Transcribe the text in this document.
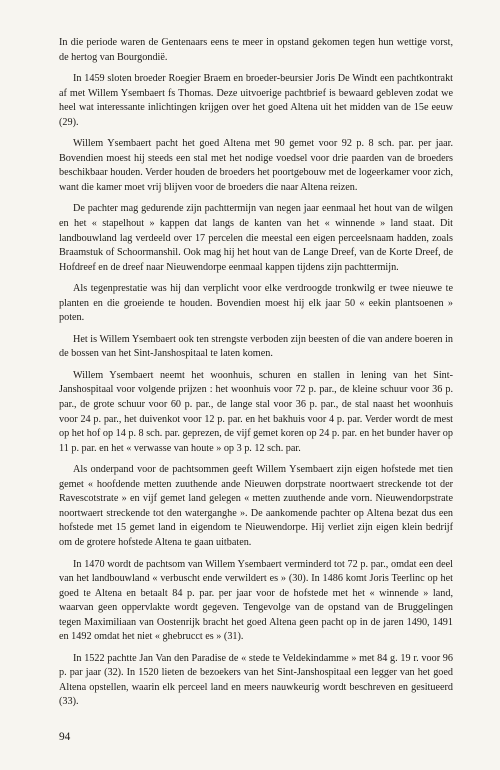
In die periode waren de Gentenaars eens te meer in opstand gekomen tegen hun wettige vorst, de hertog van Bourgondië.

In 1459 sloten broeder Roegier Braem en broeder-beursier Joris De Windt een pachtkontrakt af met Willem Ysembaert fs Thomas. Deze uitvoerige pachtbrief is bewaard gebleven zodat we heel wat interessante inlichtingen krijgen over het goed Altena uit het midden van de 15e eeuw (29).

Willem Ysembaert pacht het goed Altena met 90 gemet voor 92 p. 8 sch. par. per jaar. Bovendien moest hij steeds een stal met het nodige voedsel voor drie paarden van de broeders beschikbaar houden. Verder houden de broeders het poortgebouw met de logeerkamer voor zich, want die kamer moet vrij blijven voor de broeders die naar Altena reizen.

De pachter mag gedurende zijn pachttermijn van negen jaar eenmaal het hout van de wilgen en het « stapelhout » kappen dat langs de kanten van het « winnende » land staat. Dit landbouwland lag verdeeld over 17 percelen die meestal een eigen perceelsnaam hadden, zoals Braamstuk of Schoormanshil. Ook mag hij het hout van de Lange Dreef, van de Korte Dreef, de Hofdreef en de dreef naar Nieuwendorpe eenmaal kappen tijdens zijn pachttermijn.

Als tegenprestatie was hij dan verplicht voor elke verdroogde tronkwilg er twee nieuwe te planten en die groeiende te houden. Bovendien moest hij elk jaar 50 « eekin plantsoenen » poten.

Het is Willem Ysembaert ook ten strengste verboden zijn beesten of die van andere boeren in de bossen van het Sint-Janshospitaal te laten komen.

Willem Ysembaert neemt het woonhuis, schuren en stallen in lening van het Sint-Janshospitaal voor volgende prijzen : het woonhuis voor 72 p. par., de kleine schuur voor 36 p. par., de grote schuur voor 60 p. par., de lange stal voor 36 p. par., de stal naast het woonhuis voor 24 p. par., het duivenkot voor 12 p. par. en het bakhuis voor 4 p. par. Verder wordt de mest op het hof op 14 p. 8 sch. par. geprezen, de vijf gemet koren op 24 p. par. en het bunder haver op 11 p. par. en het « verwasse van houte » op 3 p. 12 sch. par.

Als onderpand voor de pachtsommen geeft Willem Ysembaert zijn eigen hofstede met tien gemet « hoofdende metten zuuthende ande Nieuwen dorpstrate noortwaert streckende tot der Ravescotstrate » en vijf gemet land gelegen « metten zuuthende ande vorn. Nieuwendorpstrate noortwaert streckende tot den waterganghe ». De aankomende pachter op Altena bezat dus een hofstede met 15 gemet land in eigendom te Nieuwendorpe. Hij verliet zijn eigen klein bedrijf om de grotere hofstede Altena te gaan uitbaten.

In 1470 wordt de pachtsom van Willem Ysembaert verminderd tot 72 p. par., omdat een deel van het landbouwland « verbuscht ende verwildert es » (30). In 1486 komt Joris Teerlinc op het goed te Altena en betaalt 84 p. par. per jaar voor de hofstede met het « winnende » land, waarvan geen oppervlakte wordt gegeven. Tengevolge van de opstand van de Bruggelingen tegen Maximiliaan van Oostenrijk bracht het goed Altena geen pacht op in de jaren 1490, 1491 en 1492 omdat het niet « ghebrucct es » (31).

In 1522 pachtte Jan Van den Paradise de « stede te Veldekindamme » met 84 g. 19 r. voor 96 p. par jaar (32). In 1520 lieten de bezoekers van het Sint-Janshospitaal een legger van het goed Altena opstellen, waarin elk perceel land en meers nauwkeurig wordt beschreven en gesitueerd (33).

94
